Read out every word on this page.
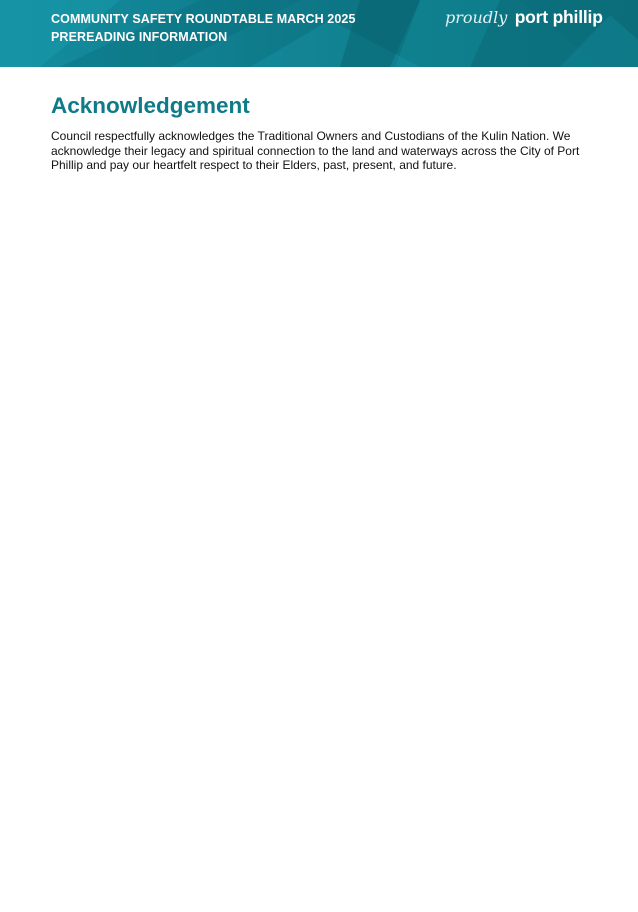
COMMUNITY SAFETY ROUNDTABLE MARCH 2025
PREREADING INFORMATION
proudly port phillip
Acknowledgement

Council respectfully acknowledges the Traditional Owners and Custodians of the Kulin Nation. We acknowledge their legacy and spiritual connection to the land and waterways across the City of Port Phillip and pay our heartfelt respect to their Elders, past, present, and future.
